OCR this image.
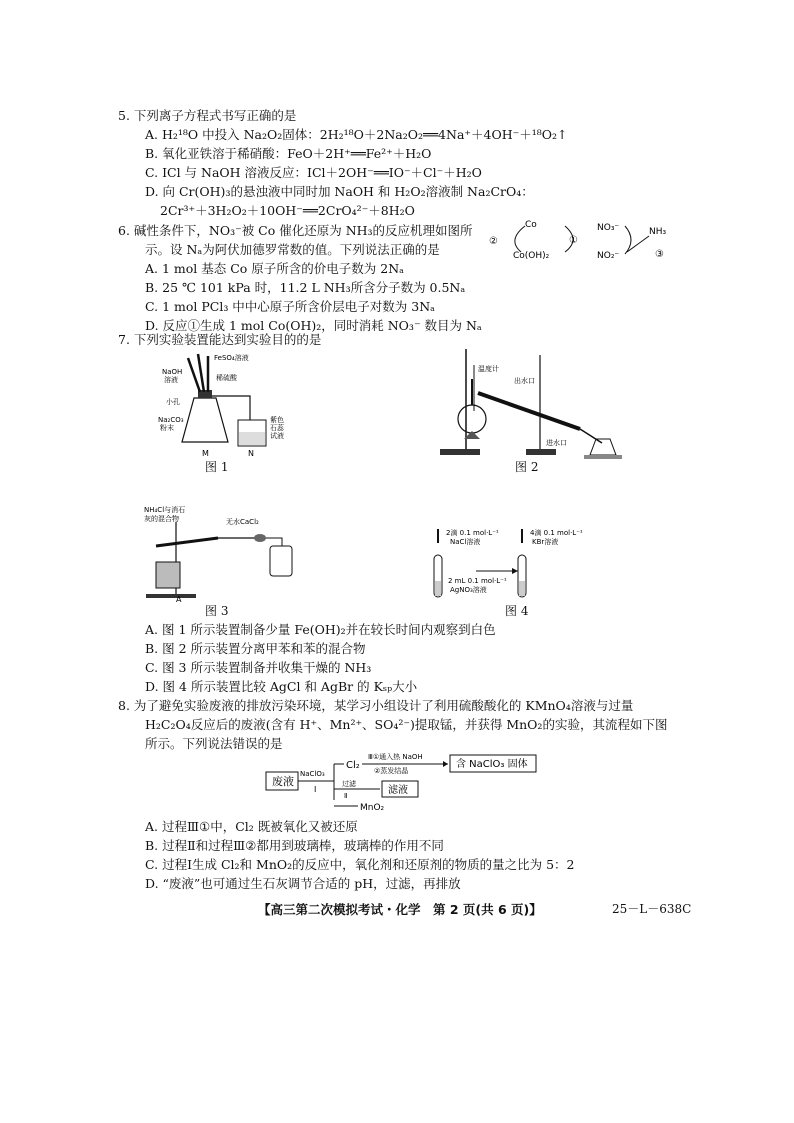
5. 下列离子方程式书写正确的是
A. H₂¹⁸O 中投入 Na₂O₂固体：2H₂¹⁸O＋2Na₂O₂══4Na⁺＋4OH⁻＋¹⁸O₂↑
B. 氧化亚铁溶于稀硝酸：FeO＋2H⁺══Fe²⁺＋H₂O
C. ICl 与 NaOH 溶液反应：ICl＋2OH⁻══IO⁻＋Cl⁻＋H₂O
D. 向 Cr(OH)₃的悬浊液中同时加 NaOH 和 H₂O₂溶液制 Na₂CrO₄：
2Cr³⁺＋3H₂O₂＋10OH⁻══2CrO₄²⁻＋8H₂O
6. 碱性条件下，NO₃⁻被 Co 催化还原为 NH₃的反应机理如图所
示。设 Nₐ为阿伏加德罗常数的值。下列说法正确的是
A. 1 mol 基态 Co 原子所含的价电子数为 2Nₐ
B. 25 ℃ 101 kPa 时，11.2 L NH₃所含分子数为 0.5Nₐ
C. 1 mol PCl₃ 中中心原子所含价层电子对数为 3Nₐ
D. 反应①生成 1 mol Co(OH)₂，同时消耗 NO₃⁻ 数目为 Nₐ
Co
Co(OH)₂
②	①
NO₃⁻
NO₂⁻
NH₃
③
7. 下列实验装置能达到实验目的的是
FeSO₄溶液
NaOH
溶液	稀硫酸
小孔
Na₂CO₃
粉末
紫色
石蕊
试液
M	N
图 1
温度计
出水口
进水口
图 2
NH₄Cl与消石
灰的混合物	无水CaCl₂
A
图 3
2滴 0.1 mol·L⁻¹
NaCl溶液
4滴 0.1 mol·L⁻¹
KBr溶液
2 mL 0.1 mol·L⁻¹
AgNO₃溶液
图 4
A. 图 1 所示装置制备少量 Fe(OH)₂并在较长时间内观察到白色
B. 图 2 所示装置分离甲苯和苯的混合物
C. 图 3 所示装置制备并收集干燥的 NH₃
D. 图 4 所示装置比较 AgCl 和 AgBr 的 Kₛₚ大小
8. 为了避免实验废液的排放污染环境，某学习小组设计了利用硫酸酸化的 KMnO₄溶液与过量
H₂C₂O₄反应后的废液(含有 H⁺、Mn²⁺、SO₄²⁻)提取锰，并获得 MnO₂的实验，其流程如下图
所示。下列说法错误的是
废液
NaClO₃
Ⅰ
Cl₂
Ⅲ①通入热 NaOH
②蒸发结晶
含 NaClO₃ 固体
过滤
滤液
Ⅱ
MnO₂
A. 过程Ⅲ①中，Cl₂ 既被氧化又被还原
B. 过程Ⅱ和过程Ⅲ②都用到玻璃棒，玻璃棒的作用不同
C. 过程Ⅰ生成 Cl₂和 MnO₂的反应中，氧化剂和还原剂的物质的量之比为 5：2
D. “废液”也可通过生石灰调节合适的 pH，过滤，再排放
【高三第二次模拟考试・化学　第 2 页(共 6 页)】	25－L－638C
